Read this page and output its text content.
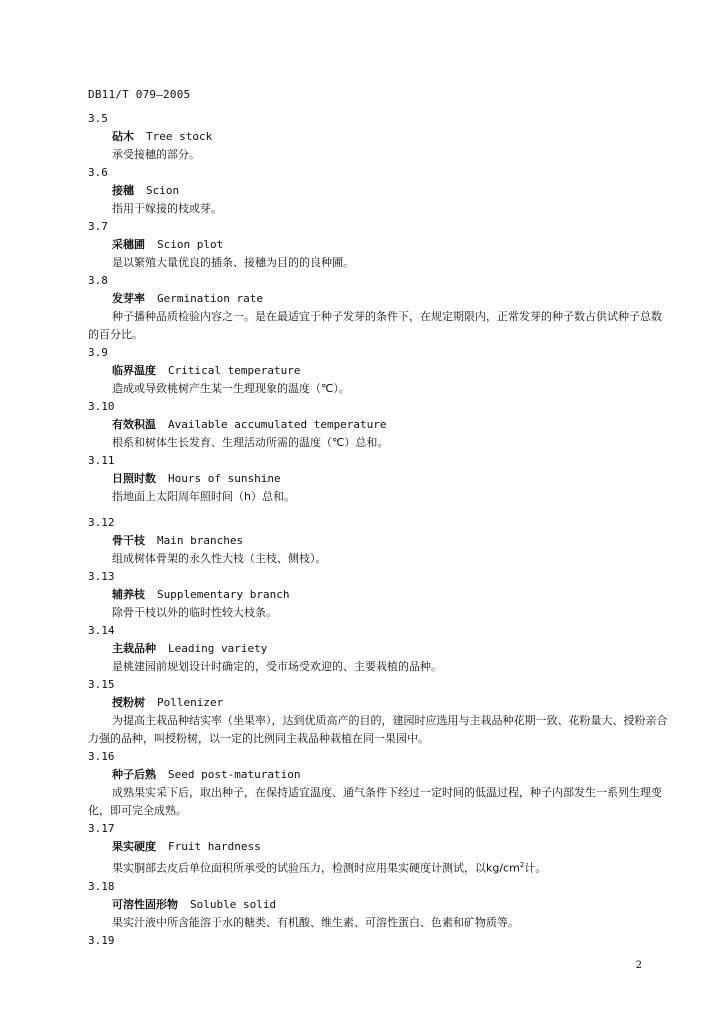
DB11/T 079—2005
3.5
砧木 Tree stock
承受接穗的部分。
3.6
接穗 Scion
指用于嫁接的枝或芽。
3.7
采穗圃 Scion plot
是以繁殖大量优良的插条、接穗为目的的良种圃。
3.8
发芽率 Germination rate
种子播种品质检验内容之一。是在最适宜于种子发芽的条件下，在规定期限内，正常发芽的种子数占供试种子总数的百分比。
3.9
临界温度 Critical temperature
造成或导致桃树产生某一生理现象的温度（℃）。
3.10
有效积温 Available accumulated temperature
根系和树体生长发育、生理活动所需的温度（℃）总和。
3.11
日照时数 Hours of sunshine
指地面上太阳周年照时间（h）总和。
3.12
骨干枝 Main branches
组成树体骨架的永久性大枝（主枝、侧枝）。
3.13
辅养枝 Supplementary branch
除骨干枝以外的临时性较大枝条。
3.14
主栽品种 Leading variety
是桃建园前规划设计时确定的，受市场受欢迎的、主要栽植的品种。
3.15
授粉树 Pollenizer
为提高主栽品种结实率（坐果率），达到优质高产的目的，建园时应选用与主栽品种花期一致、花粉量大、授粉亲合力强的品种，叫授粉树，以一定的比例同主栽品种栽植在同一果园中。
3.16
种子后熟 Seed post-maturation
成熟果实采下后，取出种子，在保持适宜温度、通气条件下经过一定时间的低温过程，种子内部发生一系列生理变化，即可完全成熟。
3.17
果实硬度 Fruit hardness
果实胴部去皮后单位面积所承受的试验压力，检测时应用果实硬度计测试，以$kg/cm^2$计。
3.18
可溶性固形物 Soluble solid
果实汁液中所含能溶于水的糖类、有机酸、维生素、可溶性蛋白、色素和矿物质等。
3.19
2
